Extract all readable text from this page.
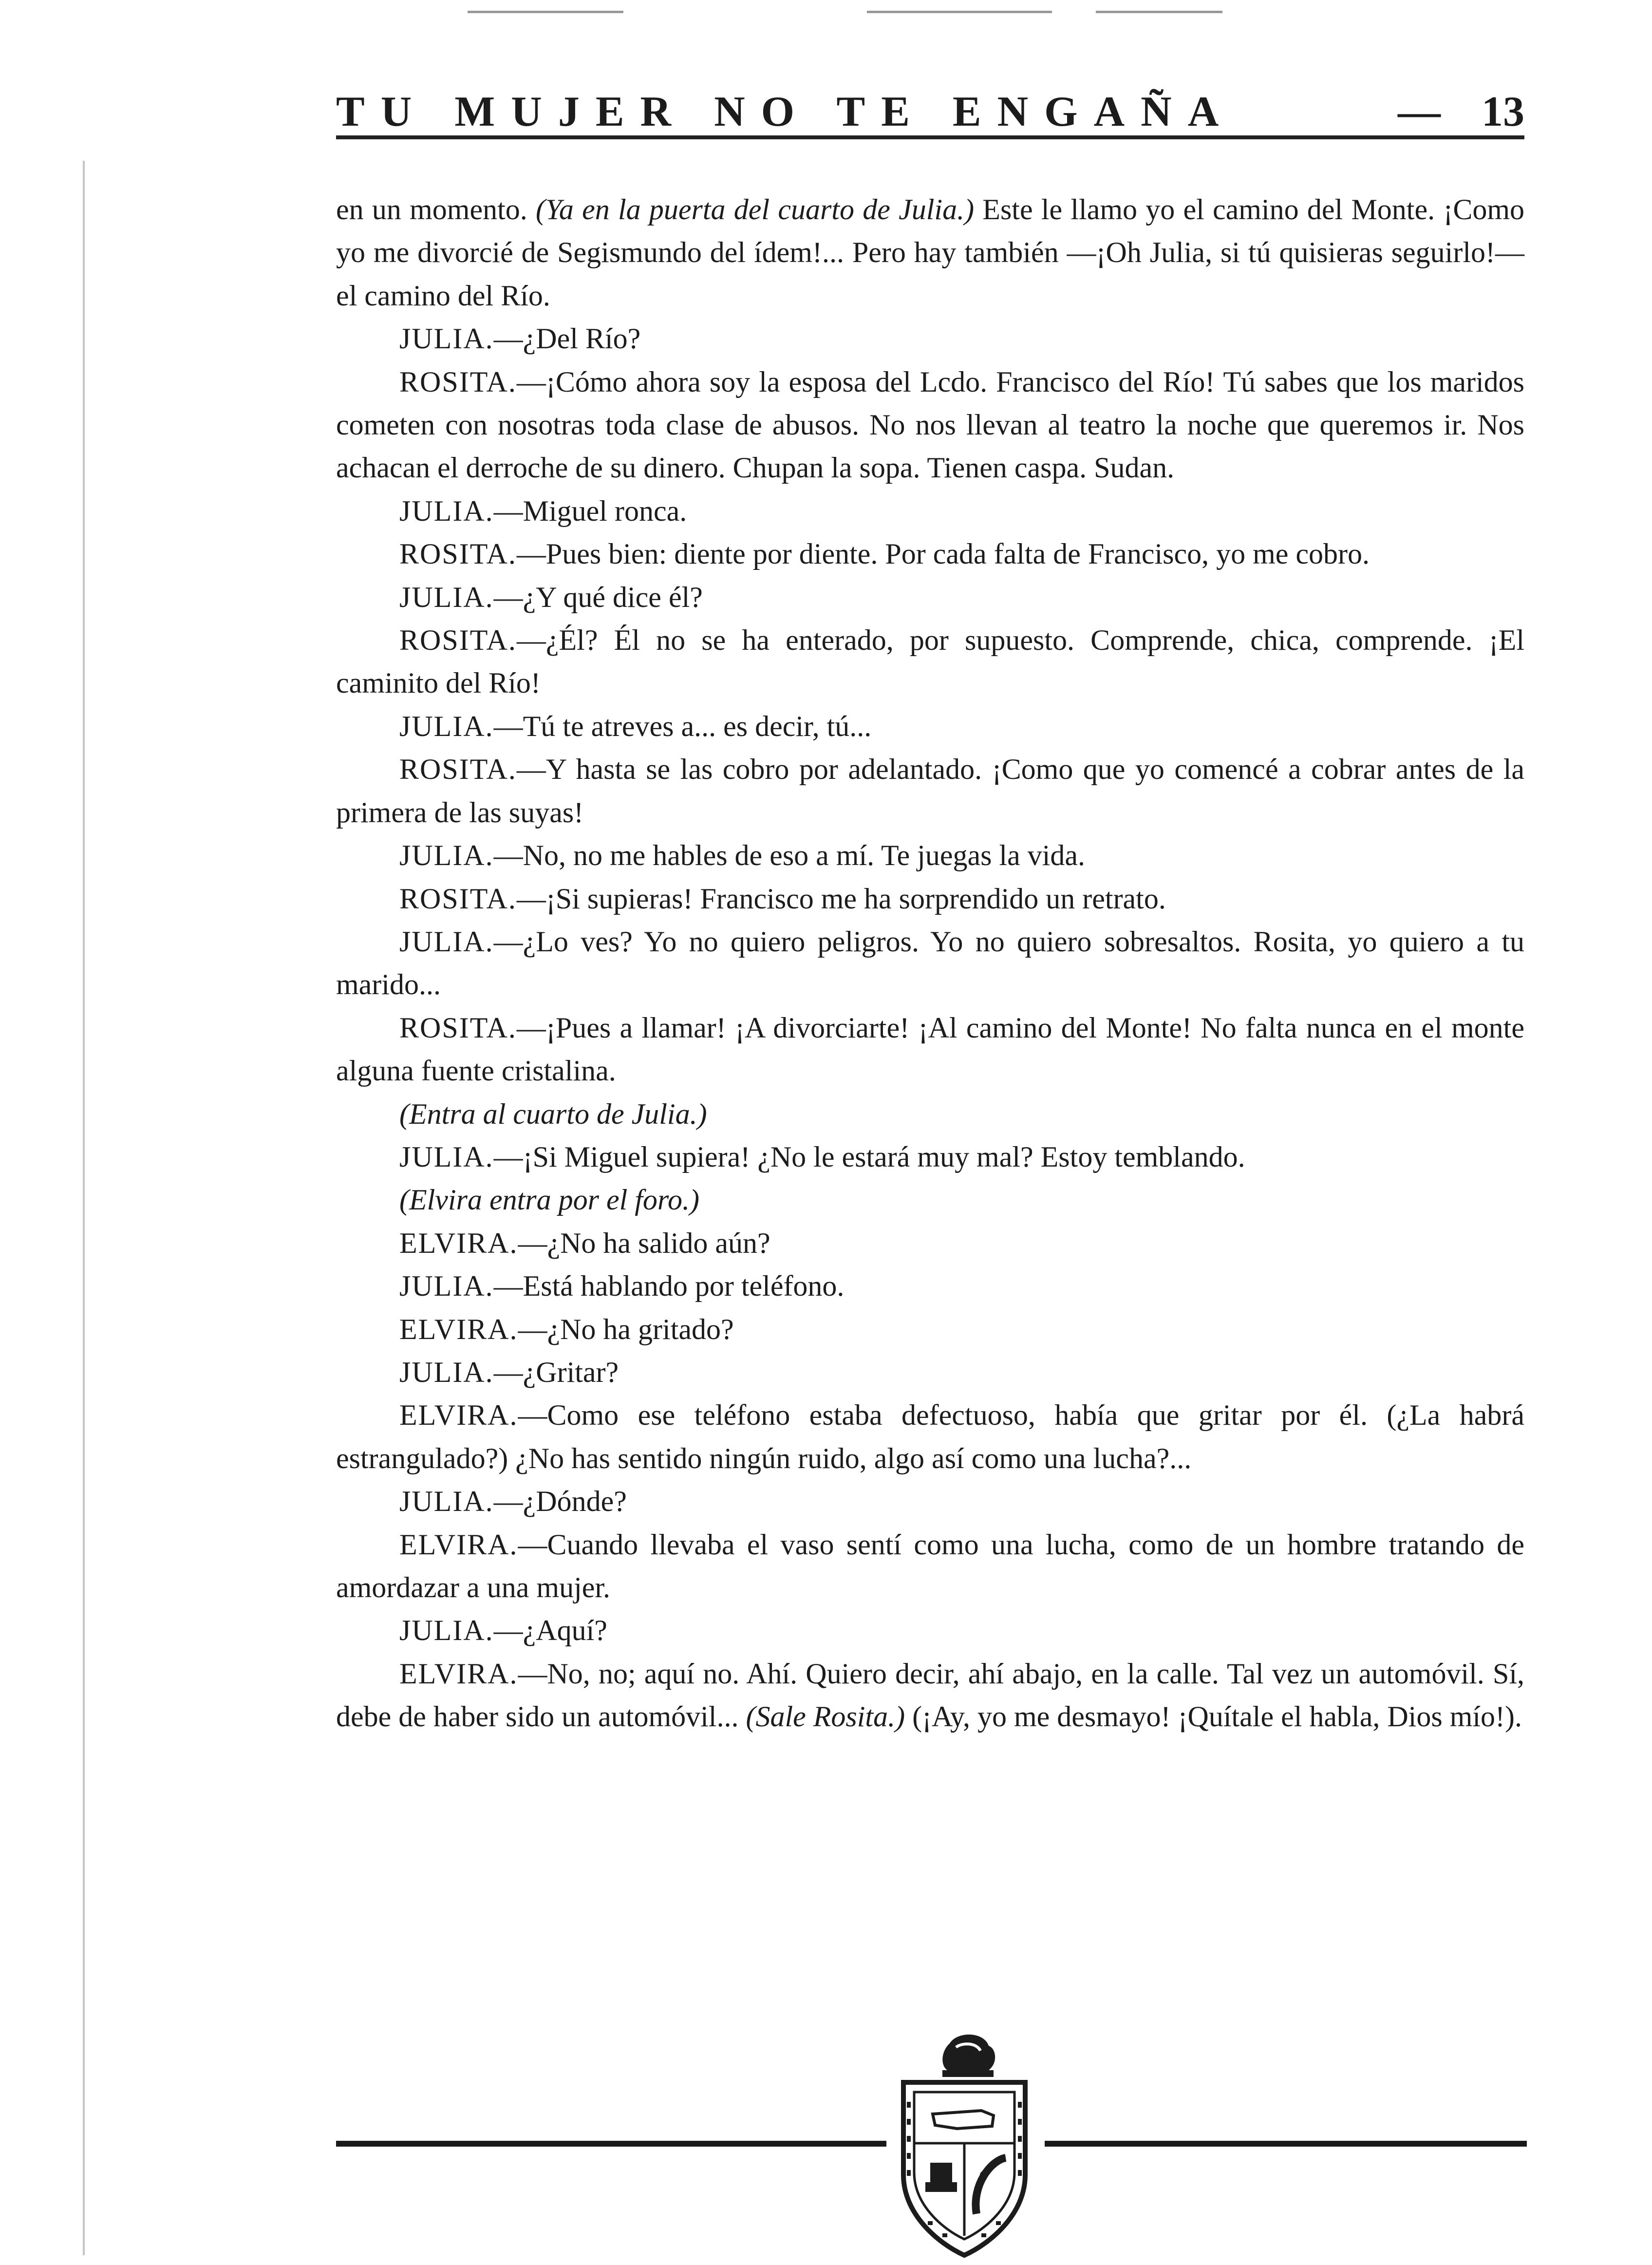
TU MUJER NO TE ENGAÑA	— 13

en un momento. (Ya en la puerta del cuarto de Julia.) Este le llamo yo el camino del Monte. ¡Como yo me divorcié de Segismundo del ídem!... Pero hay también —¡Oh Julia, si tú quisieras seguirlo!— el camino del Río.

JULIA.—¿Del Río?

ROSITA.—¡Cómo ahora soy la esposa del Lcdo. Francisco del Río! Tú sabes que los maridos cometen con nosotras toda clase de abusos. No nos llevan al teatro la noche que queremos ir. Nos achacan el derroche de su dinero. Chupan la sopa. Tienen caspa. Sudan.

JULIA.—Miguel ronca.

ROSITA.—Pues bien: diente por diente. Por cada falta de Francisco, yo me cobro.

JULIA.—¿Y qué dice él?

ROSITA.—¿Él? Él no se ha enterado, por supuesto. Comprende, chica, comprende. ¡El caminito del Río!

JULIA.—Tú te atreves a... es decir, tú...

ROSITA.—Y hasta se las cobro por adelantado. ¡Como que yo comencé a cobrar antes de la primera de las suyas!

JULIA.—No, no me hables de eso a mí. Te juegas la vida.

ROSITA.—¡Si supieras! Francisco me ha sorprendido un retrato.

JULIA.—¿Lo ves? Yo no quiero peligros. Yo no quiero sobresaltos. Rosita, yo quiero a tu marido...

ROSITA.—¡Pues a llamar! ¡A divorciarte! ¡Al camino del Monte! No falta nunca en el monte alguna fuente cristalina.

(Entra al cuarto de Julia.)

JULIA.—¡Si Miguel supiera! ¿No le estará muy mal? Estoy temblando.

(Elvira entra por el foro.)

ELVIRA.—¿No ha salido aún?

JULIA.—Está hablando por teléfono.

ELVIRA.—¿No ha gritado?

JULIA.—¿Gritar?

ELVIRA.—Como ese teléfono estaba defectuoso, había que gritar por él. (¿La habrá estrangulado?) ¿No has sentido ningún ruido, algo así como una lucha?...

JULIA.—¿Dónde?

ELVIRA.—Cuando llevaba el vaso sentí como una lucha, como de un hombre tratando de amordazar a una mujer.

JULIA.—¿Aquí?

ELVIRA.—No, no; aquí no. Ahí. Quiero decir, ahí abajo, en la calle. Tal vez un automóvil. Sí, debe de haber sido un automóvil... (Sale Rosita.) (¡Ay, yo me desmayo! ¡Quítale el habla, Dios mío!).
